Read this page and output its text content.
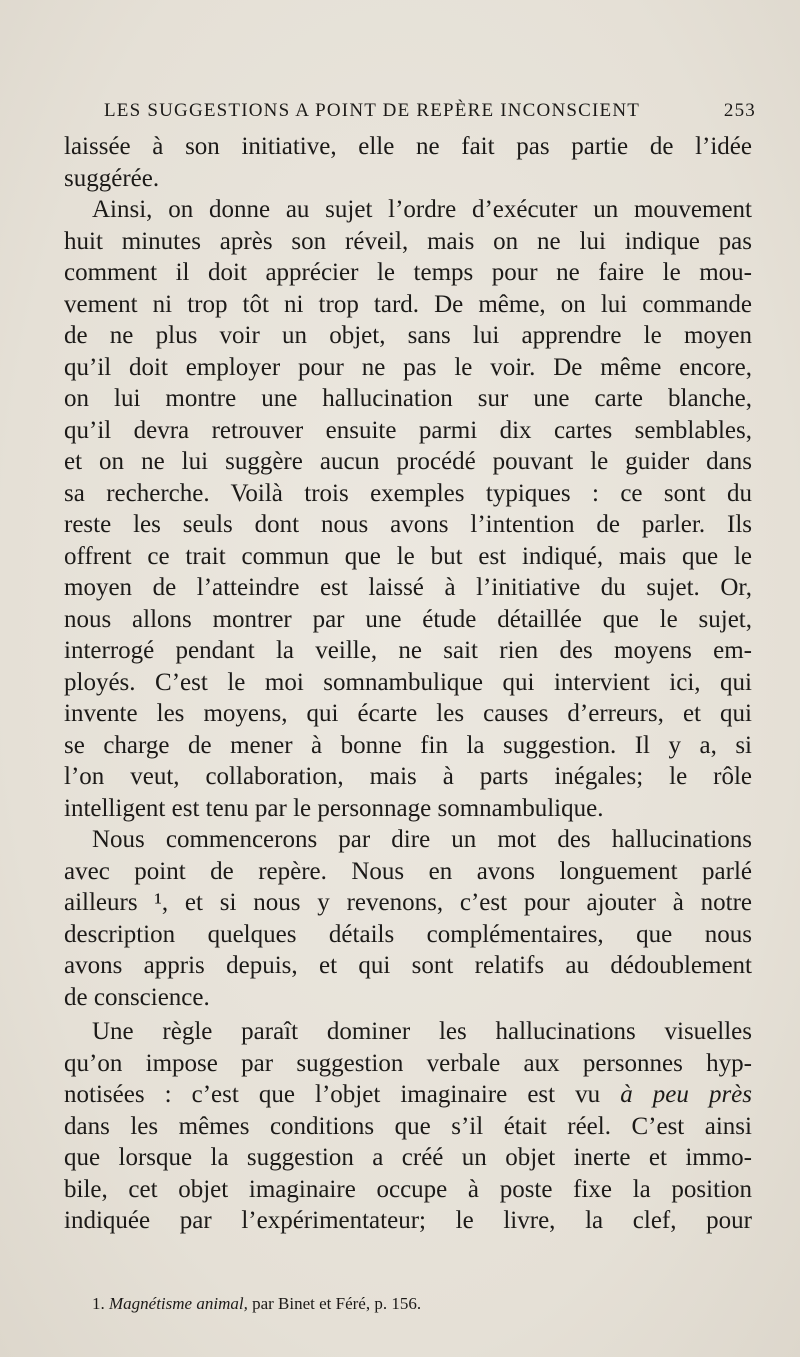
LES SUGGESTIONS A POINT DE REPÈRE INCONSCIENT	253
laissée à son initiative, elle ne fait pas partie de l’idée
suggérée.
Ainsi, on donne au sujet l’ordre d’exécuter un mouvement
huit minutes après son réveil, mais on ne lui indique pas
comment il doit apprécier le temps pour ne faire le mou-
vement ni trop tôt ni trop tard. De même, on lui commande
de ne plus voir un objet, sans lui apprendre le moyen
qu’il doit employer pour ne pas le voir. De même encore,
on lui montre une hallucination sur une carte blanche,
qu’il devra retrouver ensuite parmi dix cartes semblables,
et on ne lui suggère aucun procédé pouvant le guider dans
sa recherche. Voilà trois exemples typiques : ce sont du
reste les seuls dont nous avons l’intention de parler. Ils
offrent ce trait commun que le but est indiqué, mais que le
moyen de l’atteindre est laissé à l’initiative du sujet. Or,
nous allons montrer par une étude détaillée que le sujet,
interrogé pendant la veille, ne sait rien des moyens em-
ployés. C’est le moi somnambulique qui intervient ici, qui
invente les moyens, qui écarte les causes d’erreurs, et qui
se charge de mener à bonne fin la suggestion. Il y a, si
l’on veut, collaboration, mais à parts inégales; le rôle
intelligent est tenu par le personnage somnambulique.
Nous commencerons par dire un mot des hallucinations
avec point de repère. Nous en avons longuement parlé
ailleurs ¹, et si nous y revenons, c’est pour ajouter à notre
description quelques détails complémentaires, que nous
avons appris depuis, et qui sont relatifs au dédoublement
de conscience.
Une règle paraît dominer les hallucinations visuelles
qu’on impose par suggestion verbale aux personnes hyp-
notisées : c’est que l’objet imaginaire est vu à peu près
dans les mêmes conditions que s’il était réel. C’est ainsi
que lorsque la suggestion a créé un objet inerte et immo-
bile, cet objet imaginaire occupe à poste fixe la position
indiquée par l’expérimentateur; le livre, la clef, pour
1. Magnétisme animal, par Binet et Féré, p. 156.
